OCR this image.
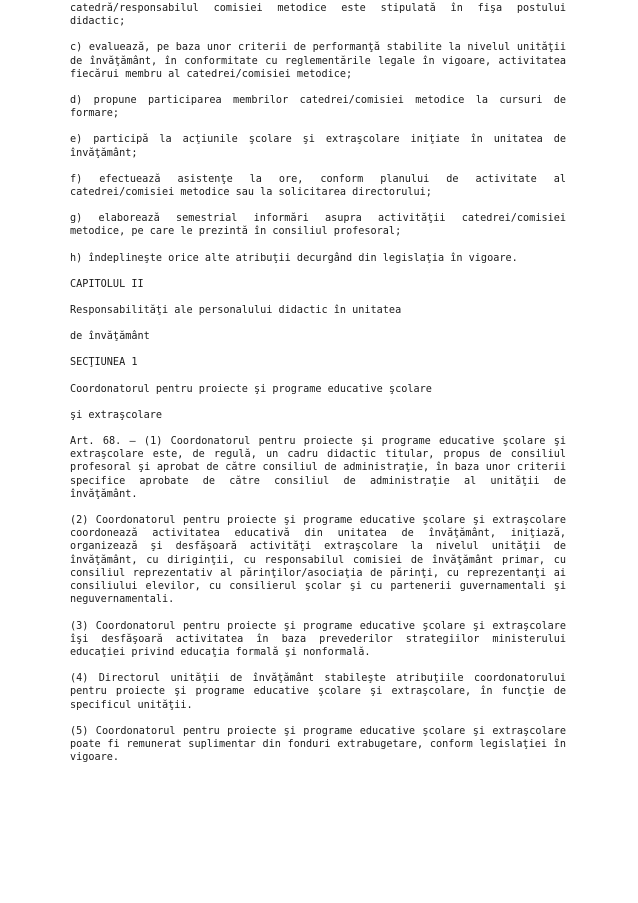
catedră/responsabilul comisiei metodice este stipulată în fişa postului didactic;

c) evaluează, pe baza unor criterii de performanţă stabilite la nivelul unităţii de învăţământ, în conformitate cu reglementările legale în vigoare, activitatea fiecărui membru al catedrei/comisiei metodice;

d) propune participarea membrilor catedrei/comisiei metodice la cursuri de formare;

e) participă la acţiunile şcolare şi extraşcolare iniţiate în unitatea de învăţământ;

f) efectuează asistenţe la ore, conform planului de activitate al catedrei/comisiei metodice sau la solicitarea directorului;

g) elaborează semestrial informări asupra activităţii catedrei/comisiei metodice, pe care le prezintă în consiliul profesoral;

h) îndeplineşte orice alte atribuţii decurgând din legislaţia în vigoare.

CAPITOLUL II

Responsabilităţi ale personalului didactic în unitatea

de învăţământ

SECŢIUNEA 1

Coordonatorul pentru proiecte şi programe educative şcolare

şi extraşcolare

Art. 68. — (1) Coordonatorul pentru proiecte şi programe educative şcolare şi extraşcolare este, de regulă, un cadru didactic titular, propus de consiliul profesoral şi aprobat de către consiliul de administraţie, în baza unor criterii specifice aprobate de către consiliul de administraţie al unităţii de învăţământ.

(2) Coordonatorul pentru proiecte şi programe educative şcolare şi extraşcolare coordonează activitatea educativă din unitatea de învăţământ, iniţiază, organizează şi desfăşoară activităţi extraşcolare la nivelul unităţii de învăţământ, cu diriginţii, cu responsabilul comisiei de învăţământ primar, cu consiliul reprezentativ al părinţilor/asociaţia de părinţi, cu reprezentanţi ai consiliului elevilor, cu consilierul şcolar şi cu partenerii guvernamentali şi neguvernamentali.

(3) Coordonatorul pentru proiecte şi programe educative şcolare şi extraşcolare îşi desfăşoară activitatea în baza prevederilor strategiilor ministerului educaţiei privind educaţia formală şi nonformală.

(4) Directorul unităţii de învăţământ stabileşte atribuţiile coordonatorului pentru proiecte şi programe educative şcolare şi extraşcolare, în funcţie de specificul unităţii.

(5) Coordonatorul pentru proiecte şi programe educative şcolare şi extraşcolare poate fi remunerat suplimentar din fonduri extrabugetare, conform legislaţiei în vigoare.
